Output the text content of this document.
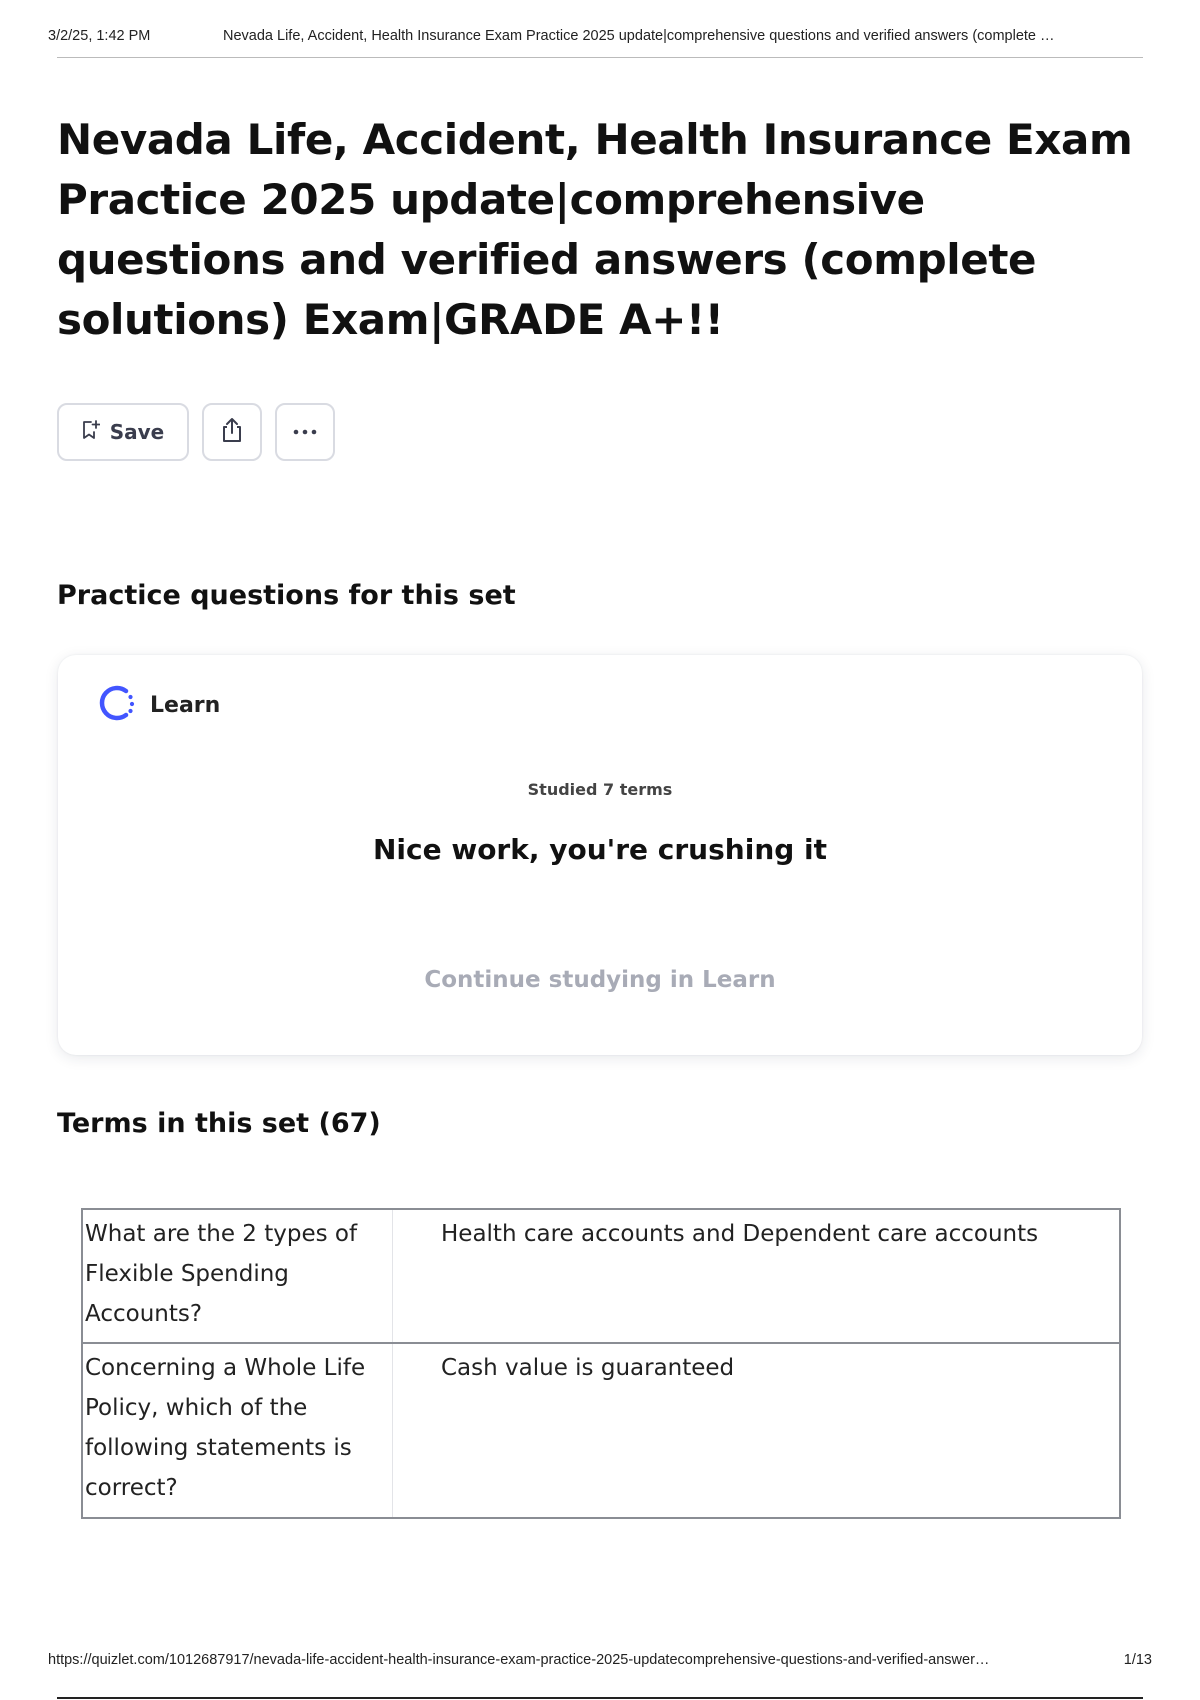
3/2/25, 1:42 PM	Nevada Life, Accident, Health Insurance Exam Practice 2025 update|comprehensive questions and verified answers (complete …
Nevada Life, Accident, Health Insurance Exam Practice 2025 update|comprehensive questions and verified answers (complete solutions) Exam|GRADE A+!!
Save
Practice questions for this set
Learn
Studied 7 terms
Nice work, you're crushing it
Continue studying in Learn
Terms in this set (67)
What are the 2 types of Flexible Spending Accounts?
Health care accounts and Dependent care accounts
Concerning a Whole Life Policy, which of the following statements is correct?
Cash value is guaranteed
https://quizlet.com/1012687917/nevada-life-accident-health-insurance-exam-practice-2025-updatecomprehensive-questions-and-verified-answer…	1/13
